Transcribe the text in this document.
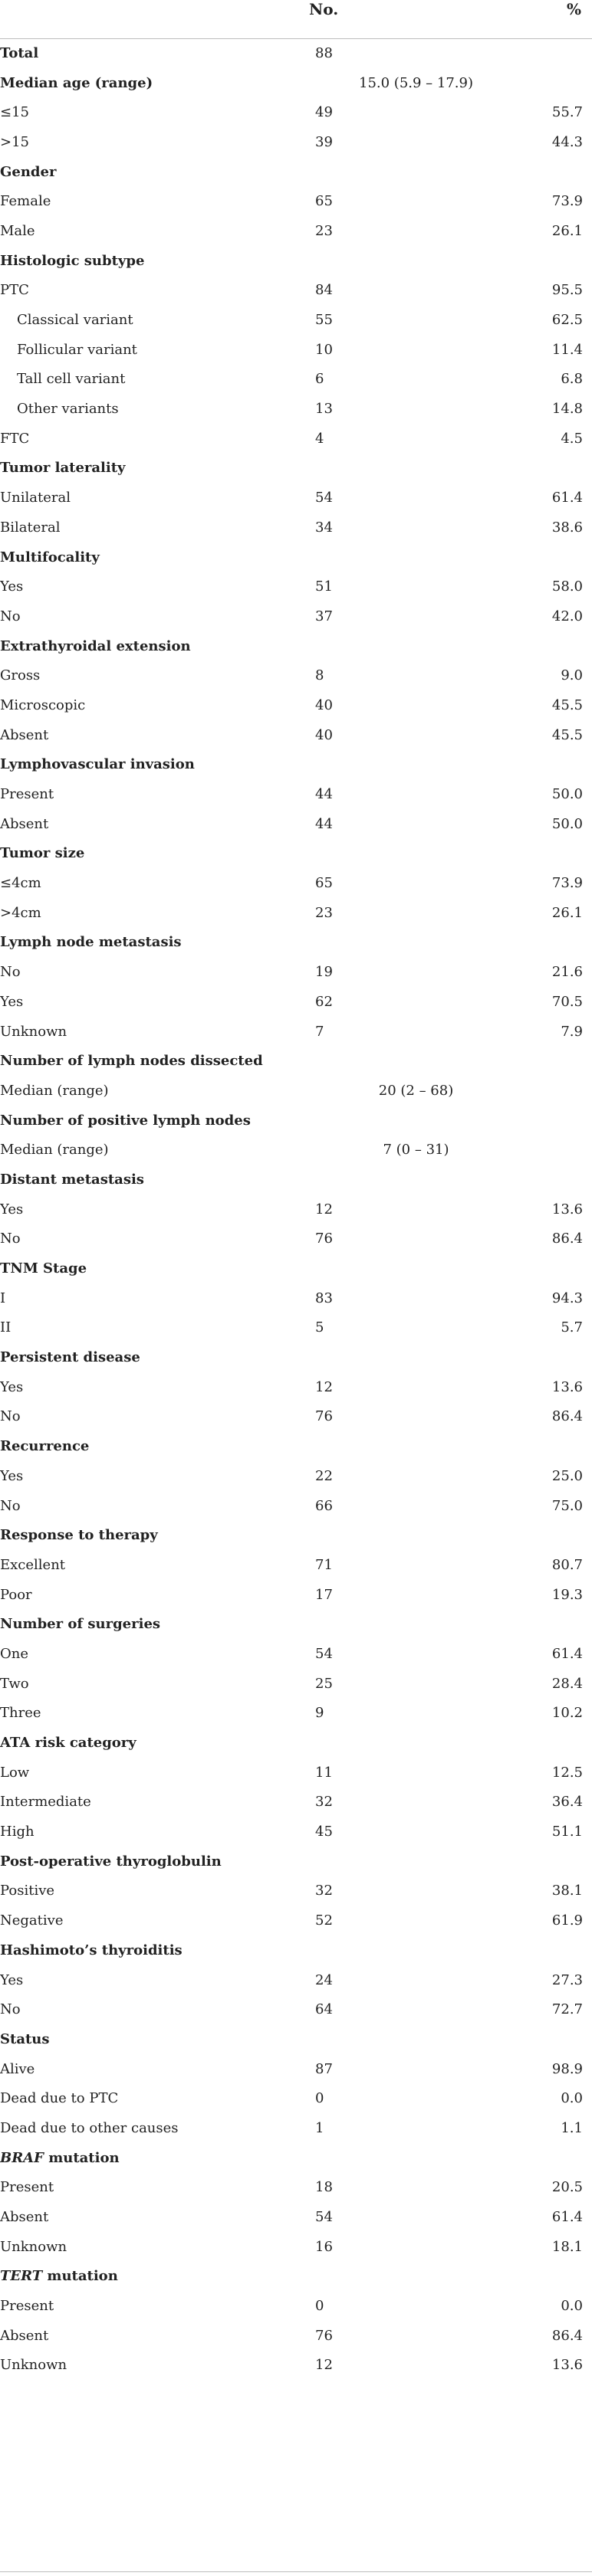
	No.	%
Total	88	
Median age (range)	15.0 (5.9 – 17.9)	
≤15	49	55.7
>15	39	44.3
Gender		
Female	65	73.9
Male	23	26.1
Histologic subtype		
PTC	84	95.5
Classical variant	55	62.5
Follicular variant	10	11.4
Tall cell variant	6	6.8
Other variants	13	14.8
FTC	4	4.5
Tumor laterality		
Unilateral	54	61.4
Bilateral	34	38.6
Multifocality		
Yes	51	58.0
No	37	42.0
Extrathyroidal extension		
Gross	8	9.0
Microscopic	40	45.5
Absent	40	45.5
Lymphovascular invasion		
Present	44	50.0
Absent	44	50.0
Tumor size		
≤4cm	65	73.9
>4cm	23	26.1
Lymph node metastasis		
No	19	21.6
Yes	62	70.5
Unknown	7	7.9
Number of lymph nodes dissected		
Median (range)	20 (2 – 68)	
Number of positive lymph nodes		
Median (range)	7 (0 – 31)	
Distant metastasis		
Yes	12	13.6
No	76	86.4
TNM Stage		
I	83	94.3
II	5	5.7
Persistent disease		
Yes	12	13.6
No	76	86.4
Recurrence		
Yes	22	25.0
No	66	75.0
Response to therapy		
Excellent	71	80.7
Poor	17	19.3
Number of surgeries		
One	54	61.4
Two	25	28.4
Three	9	10.2
ATA risk category		
Low	11	12.5
Intermediate	32	36.4
High	45	51.1
Post-operative thyroglobulin		
Positive	32	38.1
Negative	52	61.9
Hashimoto’s thyroiditis		
Yes	24	27.3
No	64	72.7
Status		
Alive	87	98.9
Dead due to PTC	0	0.0
Dead due to other causes	1	1.1
BRAF mutation		
Present	18	20.5
Absent	54	61.4
Unknown	16	18.1
TERT mutation		
Present	0	0.0
Absent	76	86.4
Unknown	12	13.6
